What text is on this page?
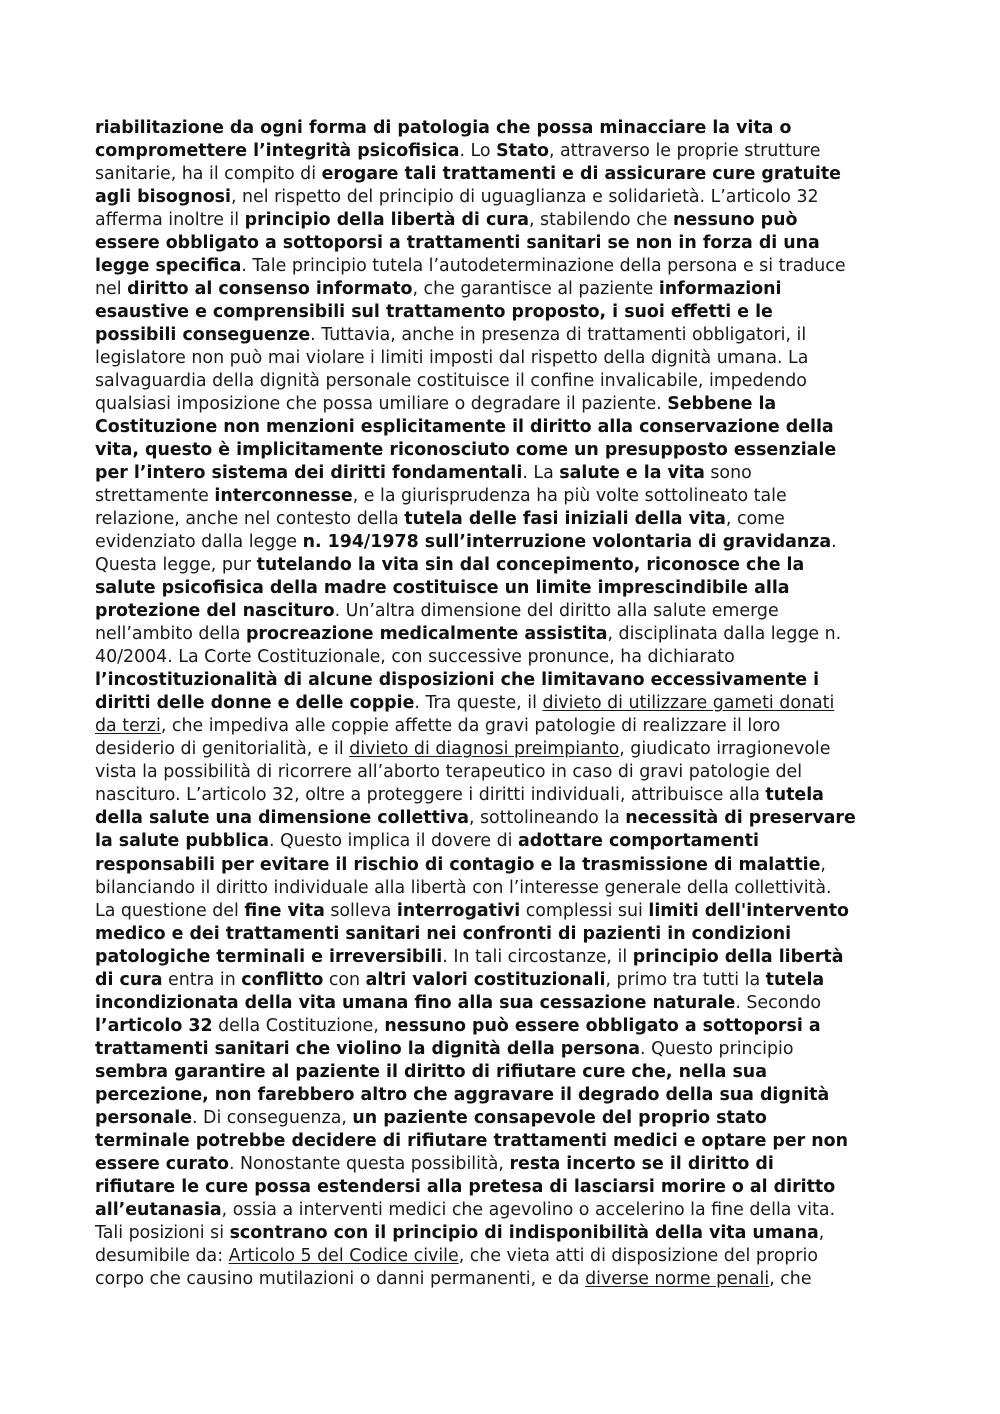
riabilitazione da ogni forma di patologia che possa minacciare la vita o
compromettere l’integrità psicofisica. Lo Stato, attraverso le proprie strutture
sanitarie, ha il compito di erogare tali trattamenti e di assicurare cure gratuite
agli bisognosi, nel rispetto del principio di uguaglianza e solidarietà. L’articolo 32
afferma inoltre il principio della libertà di cura, stabilendo che nessuno può
essere obbligato a sottoporsi a trattamenti sanitari se non in forza di una
legge specifica. Tale principio tutela l’autodeterminazione della persona e si traduce
nel diritto al consenso informato, che garantisce al paziente informazioni
esaustive e comprensibili sul trattamento proposto, i suoi effetti e le
possibili conseguenze. Tuttavia, anche in presenza di trattamenti obbligatori, il
legislatore non può mai violare i limiti imposti dal rispetto della dignità umana. La
salvaguardia della dignità personale costituisce il confine invalicabile, impedendo
qualsiasi imposizione che possa umiliare o degradare il paziente. Sebbene la
Costituzione non menzioni esplicitamente il diritto alla conservazione della
vita, questo è implicitamente riconosciuto come un presupposto essenziale
per l’intero sistema dei diritti fondamentali. La salute e la vita sono
strettamente interconnesse, e la giurisprudenza ha più volte sottolineato tale
relazione, anche nel contesto della tutela delle fasi iniziali della vita, come
evidenziato dalla legge n. 194/1978 sull’interruzione volontaria di gravidanza.
Questa legge, pur tutelando la vita sin dal concepimento, riconosce che la
salute psicofisica della madre costituisce un limite imprescindibile alla
protezione del nascituro. Un’altra dimensione del diritto alla salute emerge
nell’ambito della procreazione medicalmente assistita, disciplinata dalla legge n.
40/2004. La Corte Costituzionale, con successive pronunce, ha dichiarato
l’incostituzionalità di alcune disposizioni che limitavano eccessivamente i
diritti delle donne e delle coppie. Tra queste, il divieto di utilizzare gameti donati
da terzi, che impediva alle coppie affette da gravi patologie di realizzare il loro
desiderio di genitorialità, e il divieto di diagnosi preimpianto, giudicato irragionevole
vista la possibilità di ricorrere all’aborto terapeutico in caso di gravi patologie del
nascituro. L’articolo 32, oltre a proteggere i diritti individuali, attribuisce alla tutela
della salute una dimensione collettiva, sottolineando la necessità di preservare
la salute pubblica. Questo implica il dovere di adottare comportamenti
responsabili per evitare il rischio di contagio e la trasmissione di malattie,
bilanciando il diritto individuale alla libertà con l’interesse generale della collettività.
La questione del fine vita solleva interrogativi complessi sui limiti dell'intervento
medico e dei trattamenti sanitari nei confronti di pazienti in condizioni
patologiche terminali e irreversibili. In tali circostanze, il principio della libertà
di cura entra in conflitto con altri valori costituzionali, primo tra tutti la tutela
incondizionata della vita umana fino alla sua cessazione naturale. Secondo
l’articolo 32 della Costituzione, nessuno può essere obbligato a sottoporsi a
trattamenti sanitari che violino la dignità della persona. Questo principio
sembra garantire al paziente il diritto di rifiutare cure che, nella sua
percezione, non farebbero altro che aggravare il degrado della sua dignità
personale. Di conseguenza, un paziente consapevole del proprio stato
terminale potrebbe decidere di rifiutare trattamenti medici e optare per non
essere curato. Nonostante questa possibilità, resta incerto se il diritto di
rifiutare le cure possa estendersi alla pretesa di lasciarsi morire o al diritto
all’eutanasia, ossia a interventi medici che agevolino o accelerino la fine della vita.
Tali posizioni si scontrano con il principio di indisponibilità della vita umana,
desumibile da: Articolo 5 del Codice civile, che vieta atti di disposizione del proprio
corpo che causino mutilazioni o danni permanenti, e da diverse norme penali, che
